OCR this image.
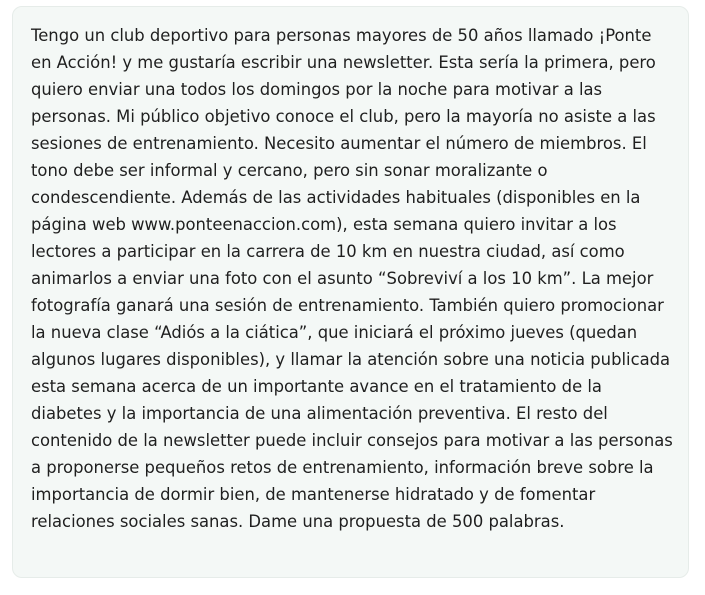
Tengo un club deportivo para personas mayores de 50 años llamado ¡Ponte en Acción! y me gustaría escribir una newsletter. Esta sería la primera, pero quiero enviar una todos los domingos por la noche para motivar a las personas. Mi público objetivo conoce el club, pero la mayoría no asiste a las sesiones de entrenamiento. Necesito aumentar el número de miembros. El tono debe ser informal y cercano, pero sin sonar moralizante o condescendiente. Además de las actividades habituales (disponibles en la página web www.ponteenaccion.com), esta semana quiero invitar a los lectores a participar en la carrera de 10 km en nuestra ciudad, así como animarlos a enviar una foto con el asunto “Sobreviví a los 10 km”. La mejor fotografía ganará una sesión de entrenamiento. También quiero promocionar la nueva clase “Adiós a la ciática”, que iniciará el próximo jueves (quedan algunos lugares disponibles), y llamar la atención sobre una noticia publicada esta semana acerca de un importante avance en el tratamiento de la diabetes y la importancia de una alimentación preventiva. El resto del contenido de la newsletter puede incluir consejos para motivar a las personas a proponerse pequeños retos de entrenamiento, información breve sobre la importancia de dormir bien, de mantenerse hidratado y de fomentar relaciones sociales sanas. Dame una propuesta de 500 palabras.
